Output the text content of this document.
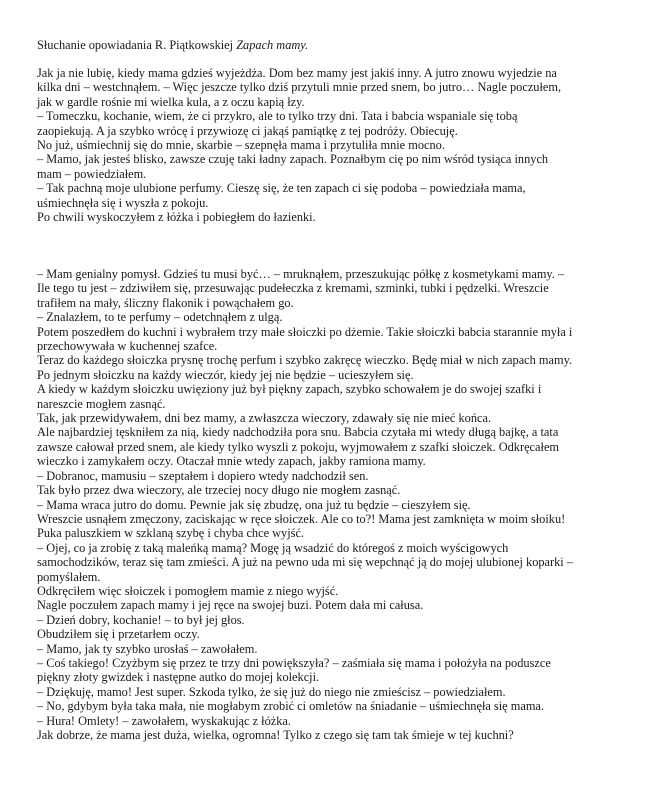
Słuchanie opowiadania R. Piątkowskiej Zapach mamy.
Jak ja nie lubię, kiedy mama gdzieś wyjeżdża. Dom bez mamy jest jakiś inny. A jutro znowu wyjedzie na
kilka dni – westchnąłem. – Więc jeszcze tylko dziś przytuli mnie przed snem, bo jutro… Nagle poczułem,
jak w gardle rośnie mi wielka kula, a z oczu kapią łzy.
– Tomeczku, kochanie, wiem, że ci przykro, ale to tylko trzy dni. Tata i babcia wspaniale się tobą
zaopiekują. A ja szybko wrócę i przywiozę ci jakąś pamiątkę z tej podróży. Obiecuję.
No już, uśmiechnij się do mnie, skarbie – szepnęła mama i przytuliła mnie mocno.
– Mamo, jak jesteś blisko, zawsze czuję taki ładny zapach. Poznałbym cię po nim wśród tysiąca innych
mam – powiedziałem.
– Tak pachną moje ulubione perfumy. Cieszę się, że ten zapach ci się podoba – powiedziała mama,
uśmiechnęła się i wyszła z pokoju.
Po chwili wyskoczyłem z łóżka i pobiegłem do łazienki.
– Mam genialny pomysł. Gdzieś tu musi być… – mruknąłem, przeszukując półkę z kosmetykami mamy. –
Ile tego tu jest – zdziwiłem się, przesuwając pudełeczka z kremami, szminki, tubki i pędzelki. Wreszcie
trafiłem na mały, śliczny flakonik i powąchałem go.
– Znalazłem, to te perfumy – odetchnąłem z ulgą.
Potem poszedłem do kuchni i wybrałem trzy małe słoiczki po dżemie. Takie słoiczki babcia starannie myła i
przechowywała w kuchennej szafce.
Teraz do każdego słoiczka prysnę trochę perfum i szybko zakręcę wieczko. Będę miał w nich zapach mamy.
Po jednym słoiczku na każdy wieczór, kiedy jej nie będzie – ucieszyłem się.
A kiedy w każdym słoiczku uwięziony już był piękny zapach, szybko schowałem je do swojej szafki i
nareszcie mogłem zasnąć.
Tak, jak przewidywałem, dni bez mamy, a zwłaszcza wieczory, zdawały się nie mieć końca.
Ale najbardziej tęskniłem za nią, kiedy nadchodziła pora snu. Babcia czytała mi wtedy długą bajkę, a tata
zawsze całował przed snem, ale kiedy tylko wyszli z pokoju, wyjmowałem z szafki słoiczek. Odkręcałem
wieczko i zamykałem oczy. Otaczał mnie wtedy zapach, jakby ramiona mamy.
– Dobranoc, mamusiu – szeptałem i dopiero wtedy nadchodził sen.
Tak było przez dwa wieczory, ale trzeciej nocy długo nie mogłem zasnąć.
– Mama wraca jutro do domu. Pewnie jak się zbudzę, ona już tu będzie – cieszyłem się.
Wreszcie usnąłem zmęczony, zaciskając w ręce słoiczek. Ale co to?! Mama jest zamknięta w moim słoiku!
Puka paluszkiem w szklaną szybę i chyba chce wyjść.
– Ojej, co ja zrobię z taką maleńką mamą? Mogę ją wsadzić do któregoś z moich wyścigowych
samochodzików, teraz się tam zmieści. A już na pewno uda mi się wepchnąć ją do mojej ulubionej koparki –
pomyślałem.
Odkręciłem więc słoiczek i pomogłem mamie z niego wyjść.
Nagle poczułem zapach mamy i jej ręce na swojej buzi. Potem dała mi całusa.
– Dzień dobry, kochanie! – to był jej głos.
Obudziłem się i przetarłem oczy.
– Mamo, jak ty szybko urosłaś – zawołałem.
– Coś takiego! Czyżbym się przez te trzy dni powiększyła? – zaśmiała się mama i położyła na poduszce
piękny złoty gwizdek i następne autko do mojej kolekcji.
– Dziękuję, mamo! Jest super. Szkoda tylko, że się już do niego nie zmieścisz – powiedziałem.
– No, gdybym była taka mała, nie mogłabym zrobić ci omletów na śniadanie – uśmiechnęła się mama.
– Hura! Omlety! – zawołałem, wyskakując z łóżka.
Jak dobrze, że mama jest duża, wielka, ogromna! Tylko z czego się tam tak śmieje w tej kuchni?
